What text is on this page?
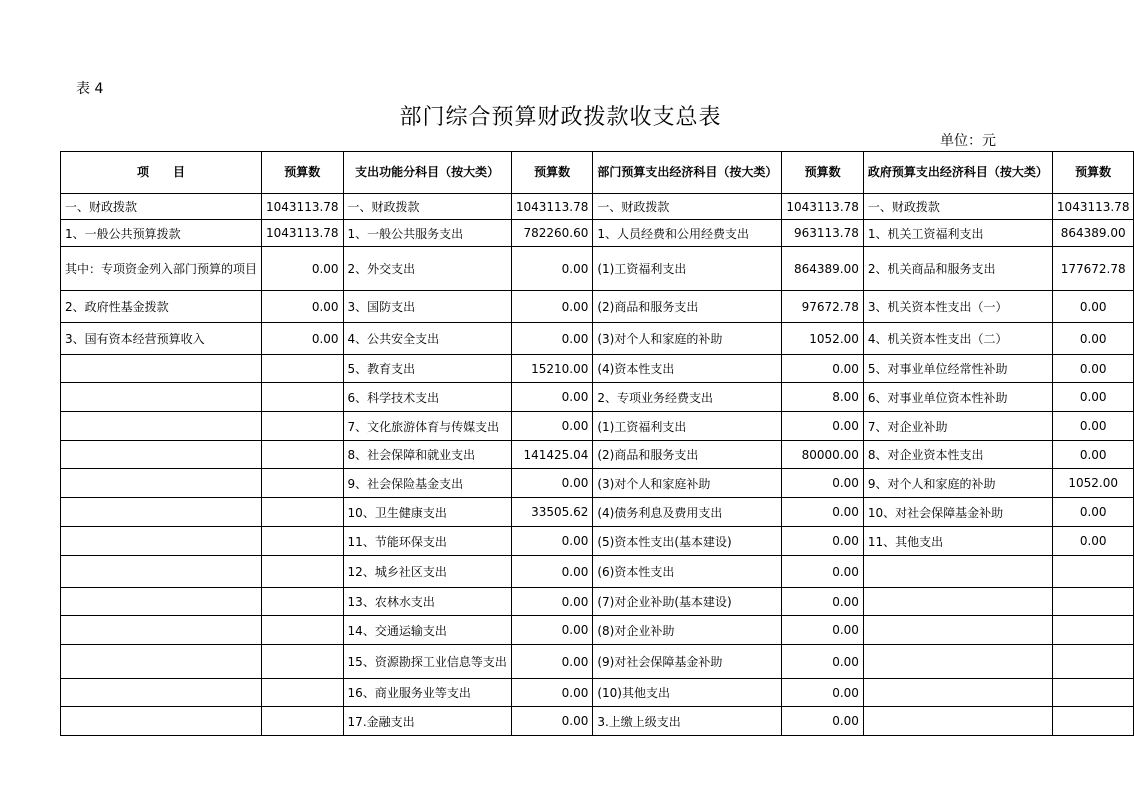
表 4
部门综合预算财政拨款收支总表
单位：元
项　　目	预算数	支出功能分科目（按大类）	预算数	部门预算支出经济科目（按大类）	预算数	政府预算支出经济科目（按大类）	预算数
一、财政拨款	1043113.78	一、财政拨款	1043113.78	一、财政拨款	1043113.78	一、财政拨款	1043113.78
1、一般公共预算拨款	1043113.78	1、一般公共服务支出	782260.60	1、人员经费和公用经费支出	963113.78	1、机关工资福利支出	864389.00
其中：专项资金列入部门预算的项目	0.00	2、外交支出	0.00	(1)工资福利支出	864389.00	2、机关商品和服务支出	177672.78
2、政府性基金拨款	0.00	3、国防支出	0.00	(2)商品和服务支出	97672.78	3、机关资本性支出（一）	0.00
3、国有资本经营预算收入	0.00	4、公共安全支出	0.00	(3)对个人和家庭的补助	1052.00	4、机关资本性支出（二）	0.00
		5、教育支出	15210.00	(4)资本性支出	0.00	5、对事业单位经常性补助	0.00
		6、科学技术支出	0.00	2、专项业务经费支出	8.00	6、对事业单位资本性补助	0.00
		7、文化旅游体育与传媒支出	0.00	(1)工资福利支出	0.00	7、对企业补助	0.00
		8、社会保障和就业支出	141425.04	(2)商品和服务支出	80000.00	8、对企业资本性支出	0.00
		9、社会保险基金支出	0.00	(3)对个人和家庭补助	0.00	9、对个人和家庭的补助	1052.00
		10、卫生健康支出	33505.62	(4)债务利息及费用支出	0.00	10、对社会保障基金补助	0.00
		11、节能环保支出	0.00	(5)资本性支出(基本建设)	0.00	11、其他支出	0.00
		12、城乡社区支出	0.00	(6)资本性支出	0.00		
		13、农林水支出	0.00	(7)对企业补助(基本建设)	0.00		
		14、交通运输支出	0.00	(8)对企业补助	0.00		
		15、资源勘探工业信息等支出	0.00	(9)对社会保障基金补助	0.00		
		16、商业服务业等支出	0.00	(10)其他支出	0.00		
		17.金融支出	0.00	3.上缴上级支出	0.00		
